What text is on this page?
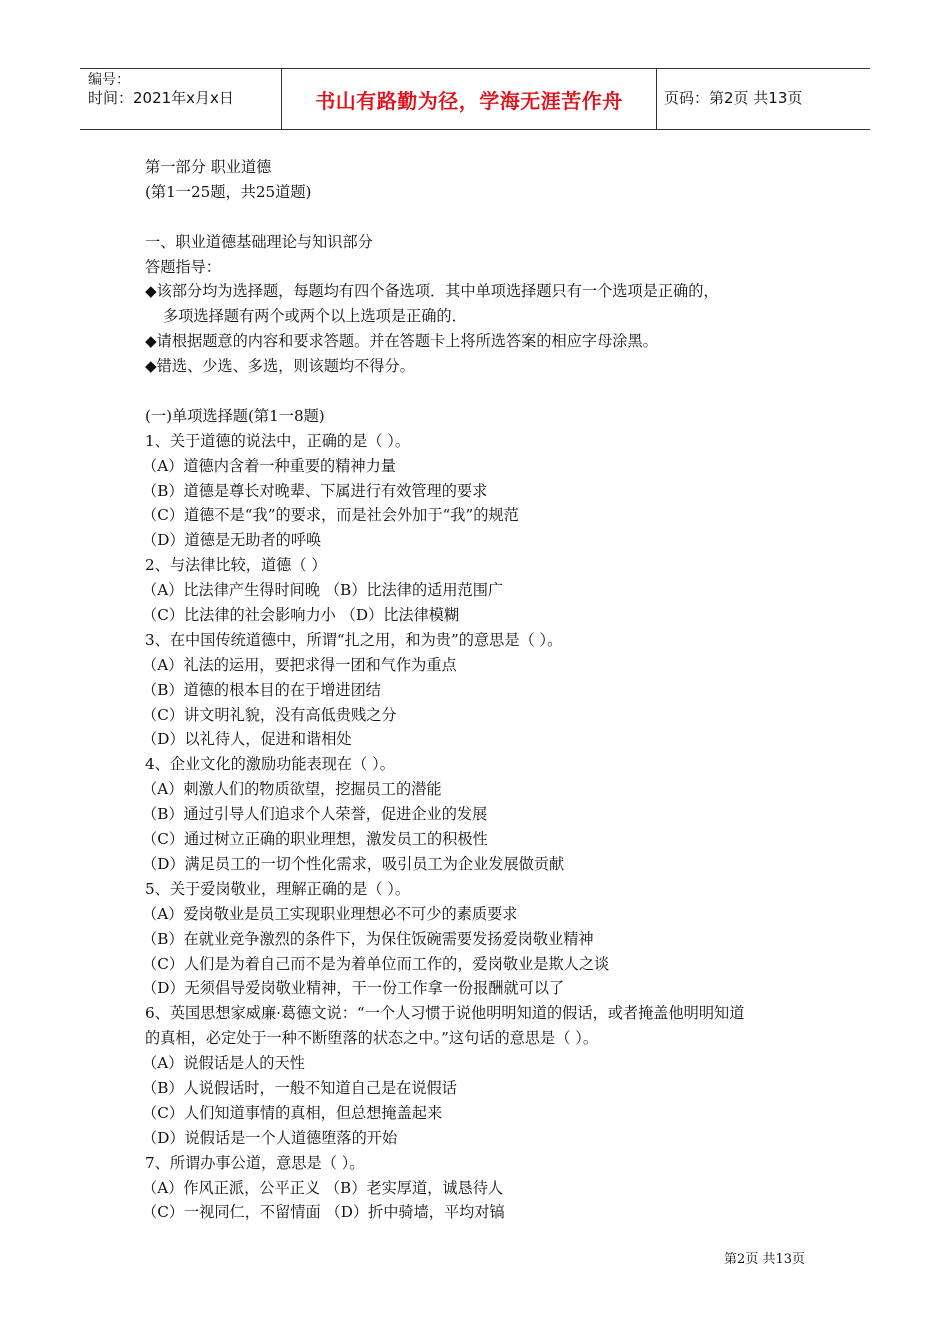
编号：
时间：2021年x月x日	书山有路勤为径，学海无涯苦作舟	页码：第2页 共13页
第一部分 职业道德
(第1一25题，共25道题)
一、职业道德基础理论与知识部分
答题指导：
◆该部分均为选择题，每题均有四个备选项．其中单项选择题只有一个选项是正确的，
多项选择题有两个或两个以上选项是正确的．
◆请根据题意的内容和要求答题。并在答题卡上将所选答案的相应字母涂黑。
◆错选、少选、多选，则该题均不得分。
(一)单项选择题(第1一8题)
1、关于道德的说法中，正确的是（ ）。
（A）道德内含着一种重要的精神力量
（B）道德是尊长对晚辈、下属进行有效管理的要求
（C）道德不是“我”的要求，而是社会外加于“我”的规范
（D）道德是无助者的呼唤
2、与法律比较，道德（ ）
（A）比法律产生得时间晚 （B）比法律的适用范围广
（C）比法律的社会影响力小 （D）比法律模糊
3、在中国传统道德中，所谓“扎之用，和为贵”的意思是（ ）。
（A）礼法的运用，要把求得一团和气作为重点
（B）道德的根本目的在于增进团结
（C）讲文明礼貌，没有高低贵贱之分
（D）以礼待人，促进和谐相处
4、企业文化的激励功能表现在（ ）。
（A）刺激人们的物质欲望，挖掘员工的潜能
（B）通过引导人们追求个人荣誉，促进企业的发展
（C）通过树立正确的职业理想，激发员工的积极性
（D）满足员工的一切个性化需求，吸引员工为企业发展做贡献
5、关于爱岗敬业，理解正确的是（ ）。
（A）爱岗敬业是员工实现职业理想必不可少的素质要求
（B）在就业竞争激烈的条件下，为保住饭碗需要发扬爱岗敬业精神
（C）人们是为着自己而不是为着单位而工作的，爱岗敬业是欺人之谈
（D）无须倡导爱岗敬业精神，干一份工作拿一份报酬就可以了
6、英国思想家威廉·葛德文说：“一个人习惯于说他明明知道的假话，或者掩盖他明明知道
的真相，必定处于一种不断堕落的状态之中。”这句话的意思是（ ）。
（A）说假话是人的天性
（B）人说假话时，一般不知道自己是在说假话
（C）人们知道事情的真相，但总想掩盖起来
（D）说假话是一个人道德堕落的开始
7、所谓办事公道，意思是（ ）。
（A）作风正派，公平正义 （B）老实厚道，诚恳待人
（C）一视同仁，不留情面 （D）折中骑墙，平均对镐
第2页 共13页
